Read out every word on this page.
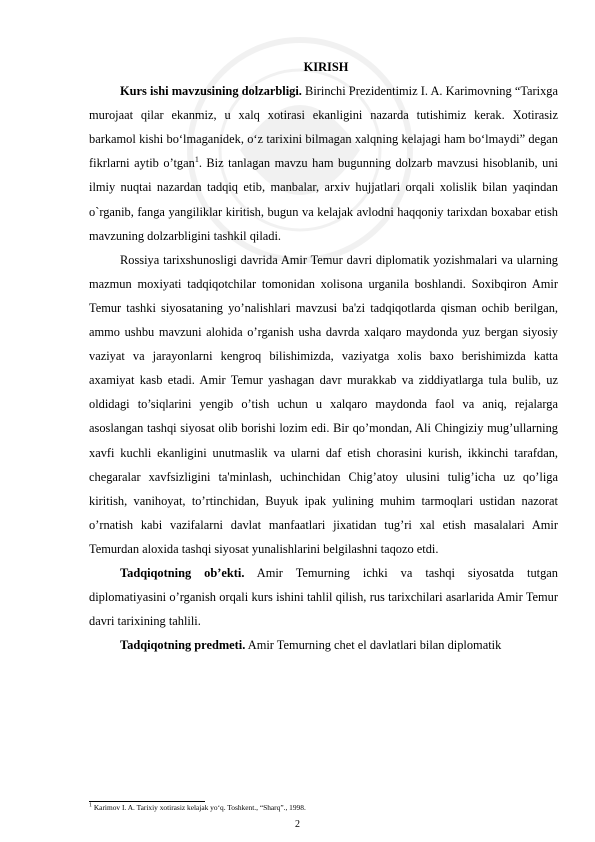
KIRISH

Kurs ishi mavzusining dolzarbligi. Birinchi Prezidentimiz I. A. Karimovning “Tarixga murojaat qilar ekanmiz, u xalq xotirasi ekanligini nazarda tutishimiz kerak. Xotirasiz barkamol kishi bo‘lmaganidek, o‘z tarixini bilmagan xalqning kelajagi ham bo‘lmaydi” degan fikrlarni aytib o’tgan$^1$. Biz tanlagan mavzu ham bugunning dolzarb mavzusi hisoblanib, uni ilmiy nuqtai nazardan tadqiq etib, manbalar, arxiv hujjatlari orqali xolislik bilan yaqindan o`rganib, fanga yangiliklar kiritish, bugun va kelajak avlodni haqqoniy tarixdan boxabar etish mavzuning dolzarbligini tashkil qiladi.

Rossiya tarixshunosligi davrida Amir Temur davri diplomatik yozishmalari va ularning mazmun moxiyati tadqiqotchilar tomonidan xolisona urganila boshlandi. Soxibqiron Amir Temur tashki siyosataning yo’nalishlari mavzusi ba'zi tadqiqotlarda qisman ochib berilgan, ammo ushbu mavzuni alohida o’rganish usha davrda xalqaro maydonda yuz bergan siyosiy vaziyat va jarayonlarni kengroq bilishimizda, vaziyatga xolis baxo berishimizda katta axamiyat kasb etadi. Amir Temur yashagan davr murakkab va ziddiyatlarga tula bulib, uz oldidagi to’siqlarini yengib o’tish uchun u xalqaro maydonda faol va aniq, rejalarga asoslangan tashqi siyosat olib borishi lozim edi. Bir qo’mondan, Ali Chingiziy mug’ullarning xavfi kuchli ekanligini unutmaslik va ularni daf etish chorasini kurish, ikkinchi tarafdan, chegaralar xavfsizligini ta'minlash, uchinchidan Chig’atoy ulusini tulig’icha uz qo’liga kiritish, vanihoyat, to’rtinchidan, Buyuk ipak yulining muhim tarmoqlari ustidan nazorat o’rnatish kabi vazifalarni davlat manfaatlari jixatidan tug’ri xal etish masalalari Amir Temurdan aloxida tashqi siyosat yunalishlarini belgilashni taqozo etdi.

Tadqiqotning ob’ekti. Amir Temurning ichki va tashqi siyosatda tutgan diplomatiyasini o’rganish orqali kurs ishini tahlil qilish, rus tarixchilari asarlarida Amir Temur davri tarixining tahlili.

Tadqiqotning predmeti. Amir Temurning chet el davlatlari bilan diplomatik

$^1$ Karimov I. A. Tarixiy xotirasiz kelajak yo‘q. Toshkent., “Sharq”., 1998.
2
